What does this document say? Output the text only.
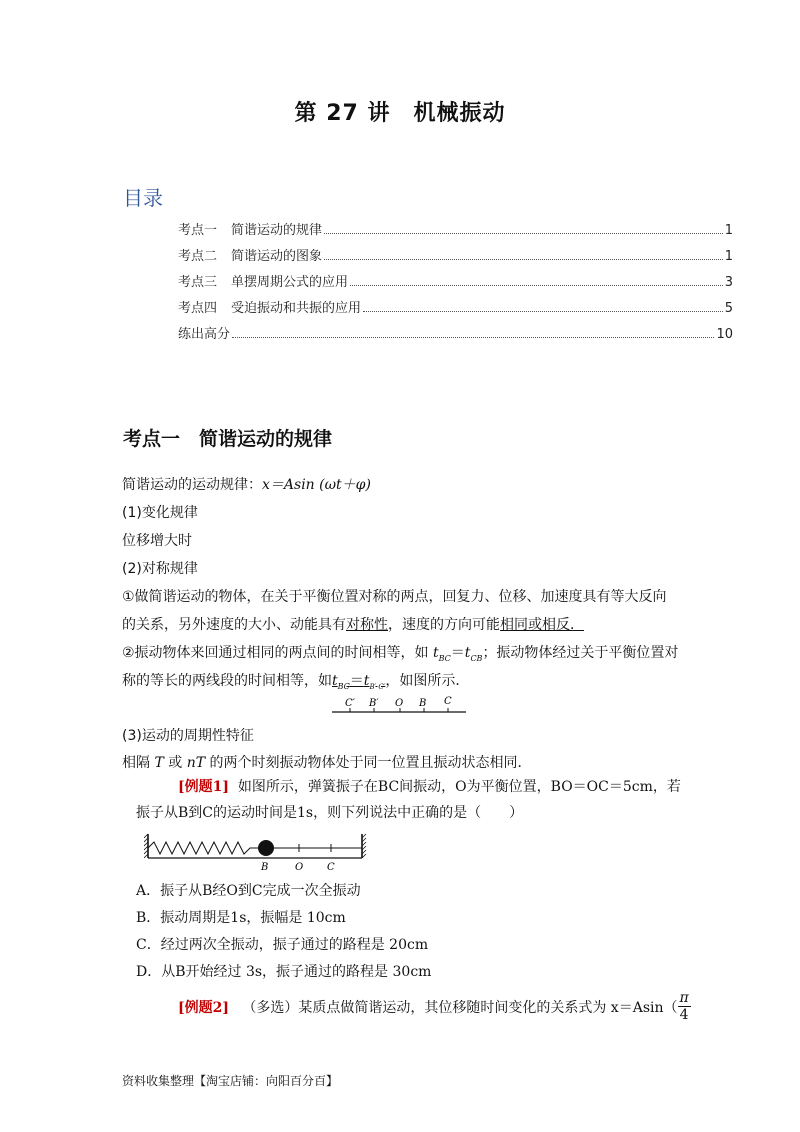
第 27 讲　机械振动
目录
考点一 简谐运动的规律	1
考点二 简谐运动的图象	1
考点三 单摆周期公式的应用	3
考点四 受迫振动和共振的应用	5
练出高分	10
考点一　简谐运动的规律
简谐运动的运动规律：x＝Asin (ωt＋φ)
(1)变化规律
位移增大时
(2)对称规律
①做简谐运动的物体，在关于平衡位置对称的两点，回复力、位移、加速度具有等大反向
的关系，另外速度的大小、动能具有对称性，速度的方向可能相同或相反．
②振动物体来回通过相同的两点间的时间相等，如 $t_{BC}=t_{CB}$；振动物体经过关于平衡位置对
称的等长的两线段的时间相等，如$t_{BC}=t_{B' C'}$，如图所示．
C′ B′ O B C
(3)运动的周期性特征
相隔 T 或 nT 的两个时刻振动物体处于同一位置且振动状态相同．
[例题1] 如图所示，弹簧振子在BC间振动，O为平衡位置，BO＝OC＝5cm，若
振子从B到C的运动时间是1s，则下列说法中正确的是（　　）
B	O C
A．振子从B经O到C完成一次全振动
B．振动周期是1s，振幅是 10cm
C．经过两次全振动，振子通过的路程是 20cm
D．从B开始经过 3s，振子通过的路程是 30cm
[例题2]
（多选）某质点做简谐运动，其位移随时间变化的关系式为 $x=Asin( \frac{\pi}{4}$
资料收集整理【淘宝店铺：向阳百分百】
